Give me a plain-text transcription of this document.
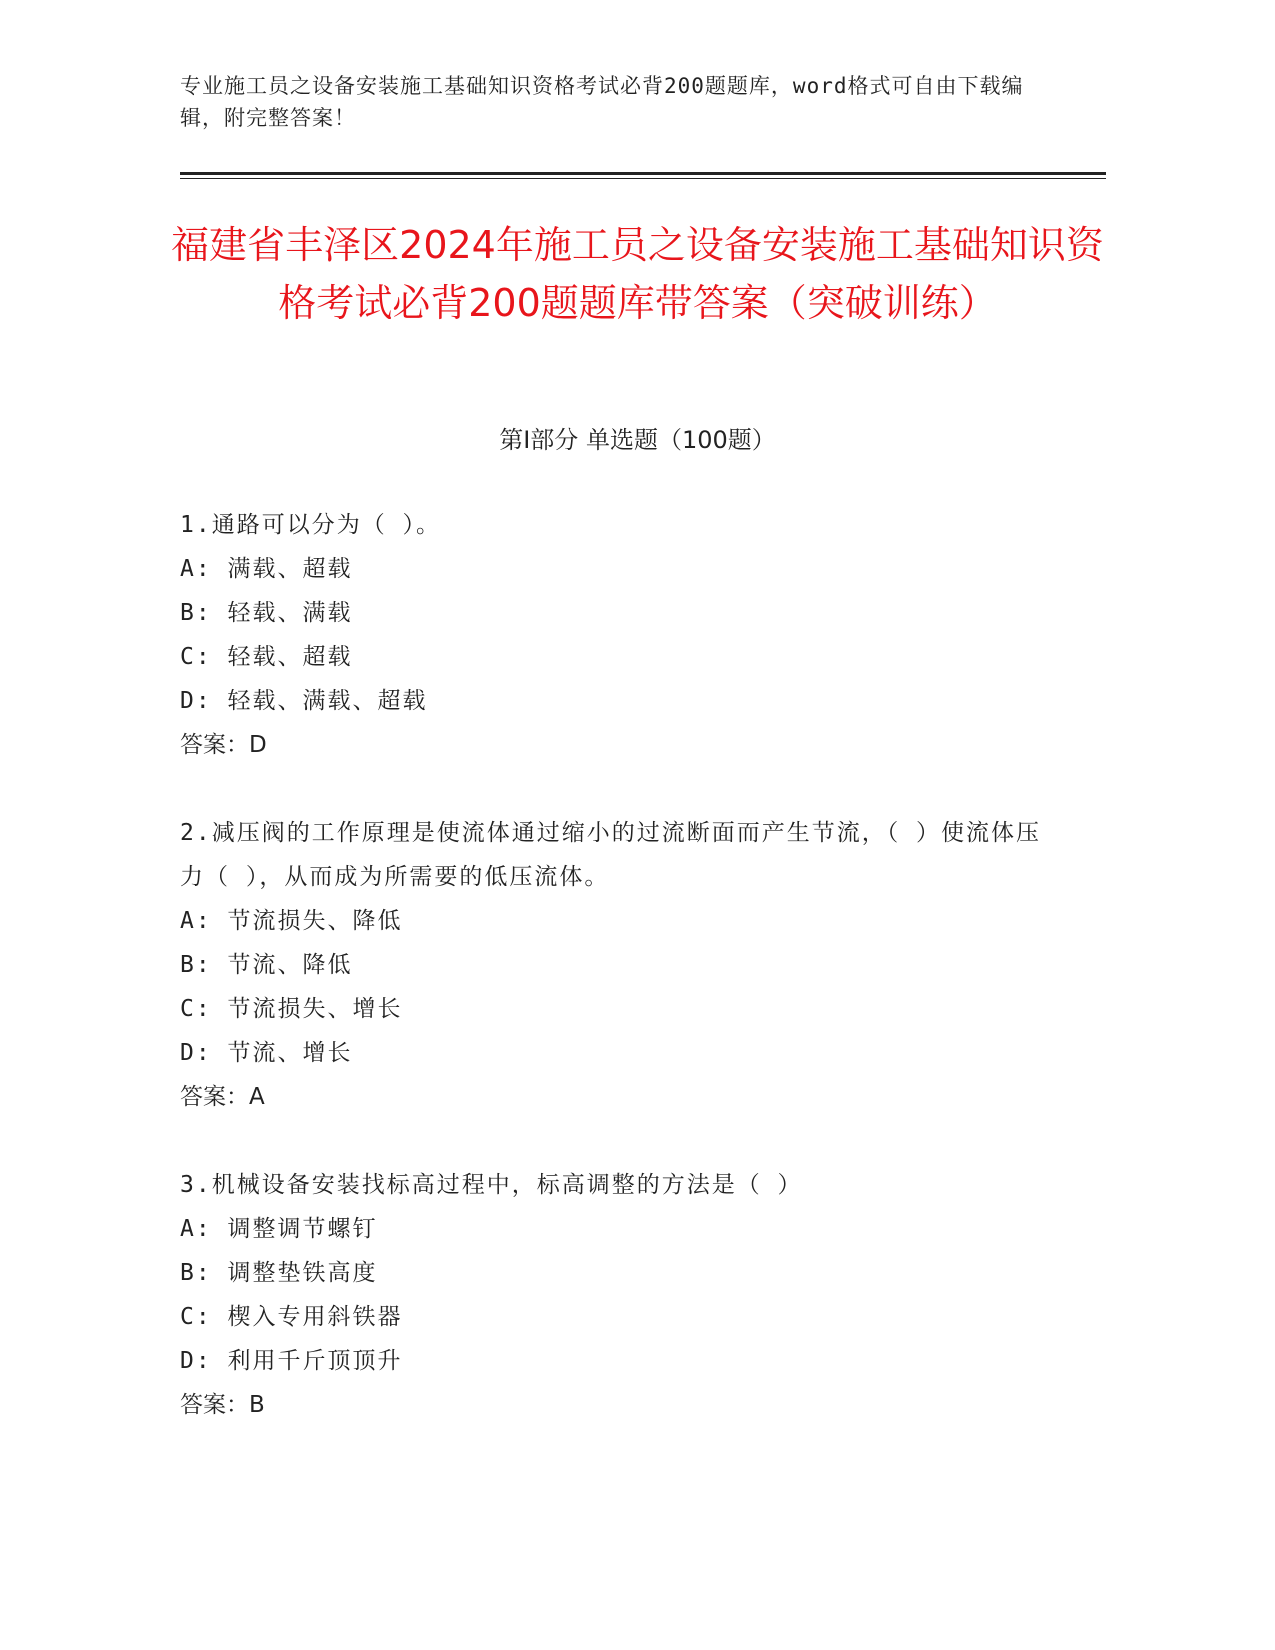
专业施工员之设备安装施工基础知识资格考试必背200题题库，word格式可自由下载编辑，附完整答案！
福建省丰泽区2024年施工员之设备安装施工基础知识资格考试必背200题题库带答案（突破训练）
第Ⅰ部分 单选题（100题）
1.通路可以分为（ ）。
A: 满载、超载
B: 轻载、满载
C: 轻载、超载
D: 轻载、满载、超载
答案：D
2.减压阀的工作原理是使流体通过缩小的过流断面而产生节流，（ ）使流体压力（ ），从而成为所需要的低压流体。
A: 节流损失、降低
B: 节流、降低
C: 节流损失、增长
D: 节流、增长
答案：A
3.机械设备安装找标高过程中，标高调整的方法是（ ）
A: 调整调节螺钉
B: 调整垫铁高度
C: 楔入专用斜铁器
D: 利用千斤顶顶升
答案：B
